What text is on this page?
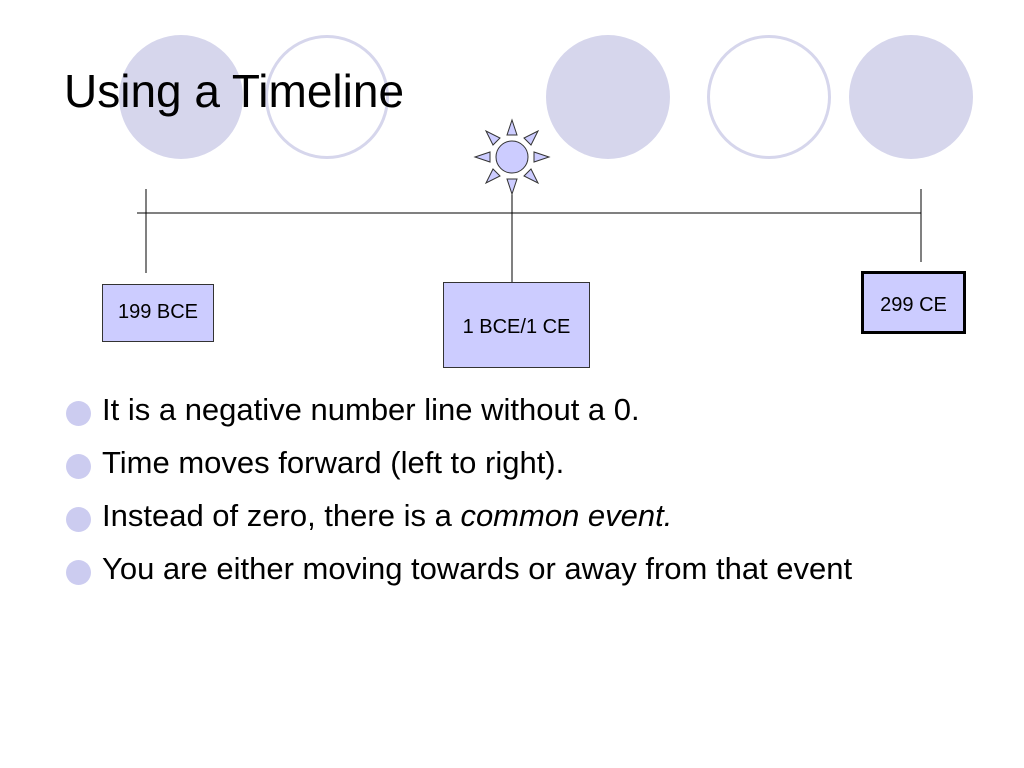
Using a Timeline
199 BCE
1 BCE/1 CE
299 CE
It is a negative number line without a 0.
Time moves forward (left to right).
Instead of zero, there is a common event.
You are either moving towards or away from that event
